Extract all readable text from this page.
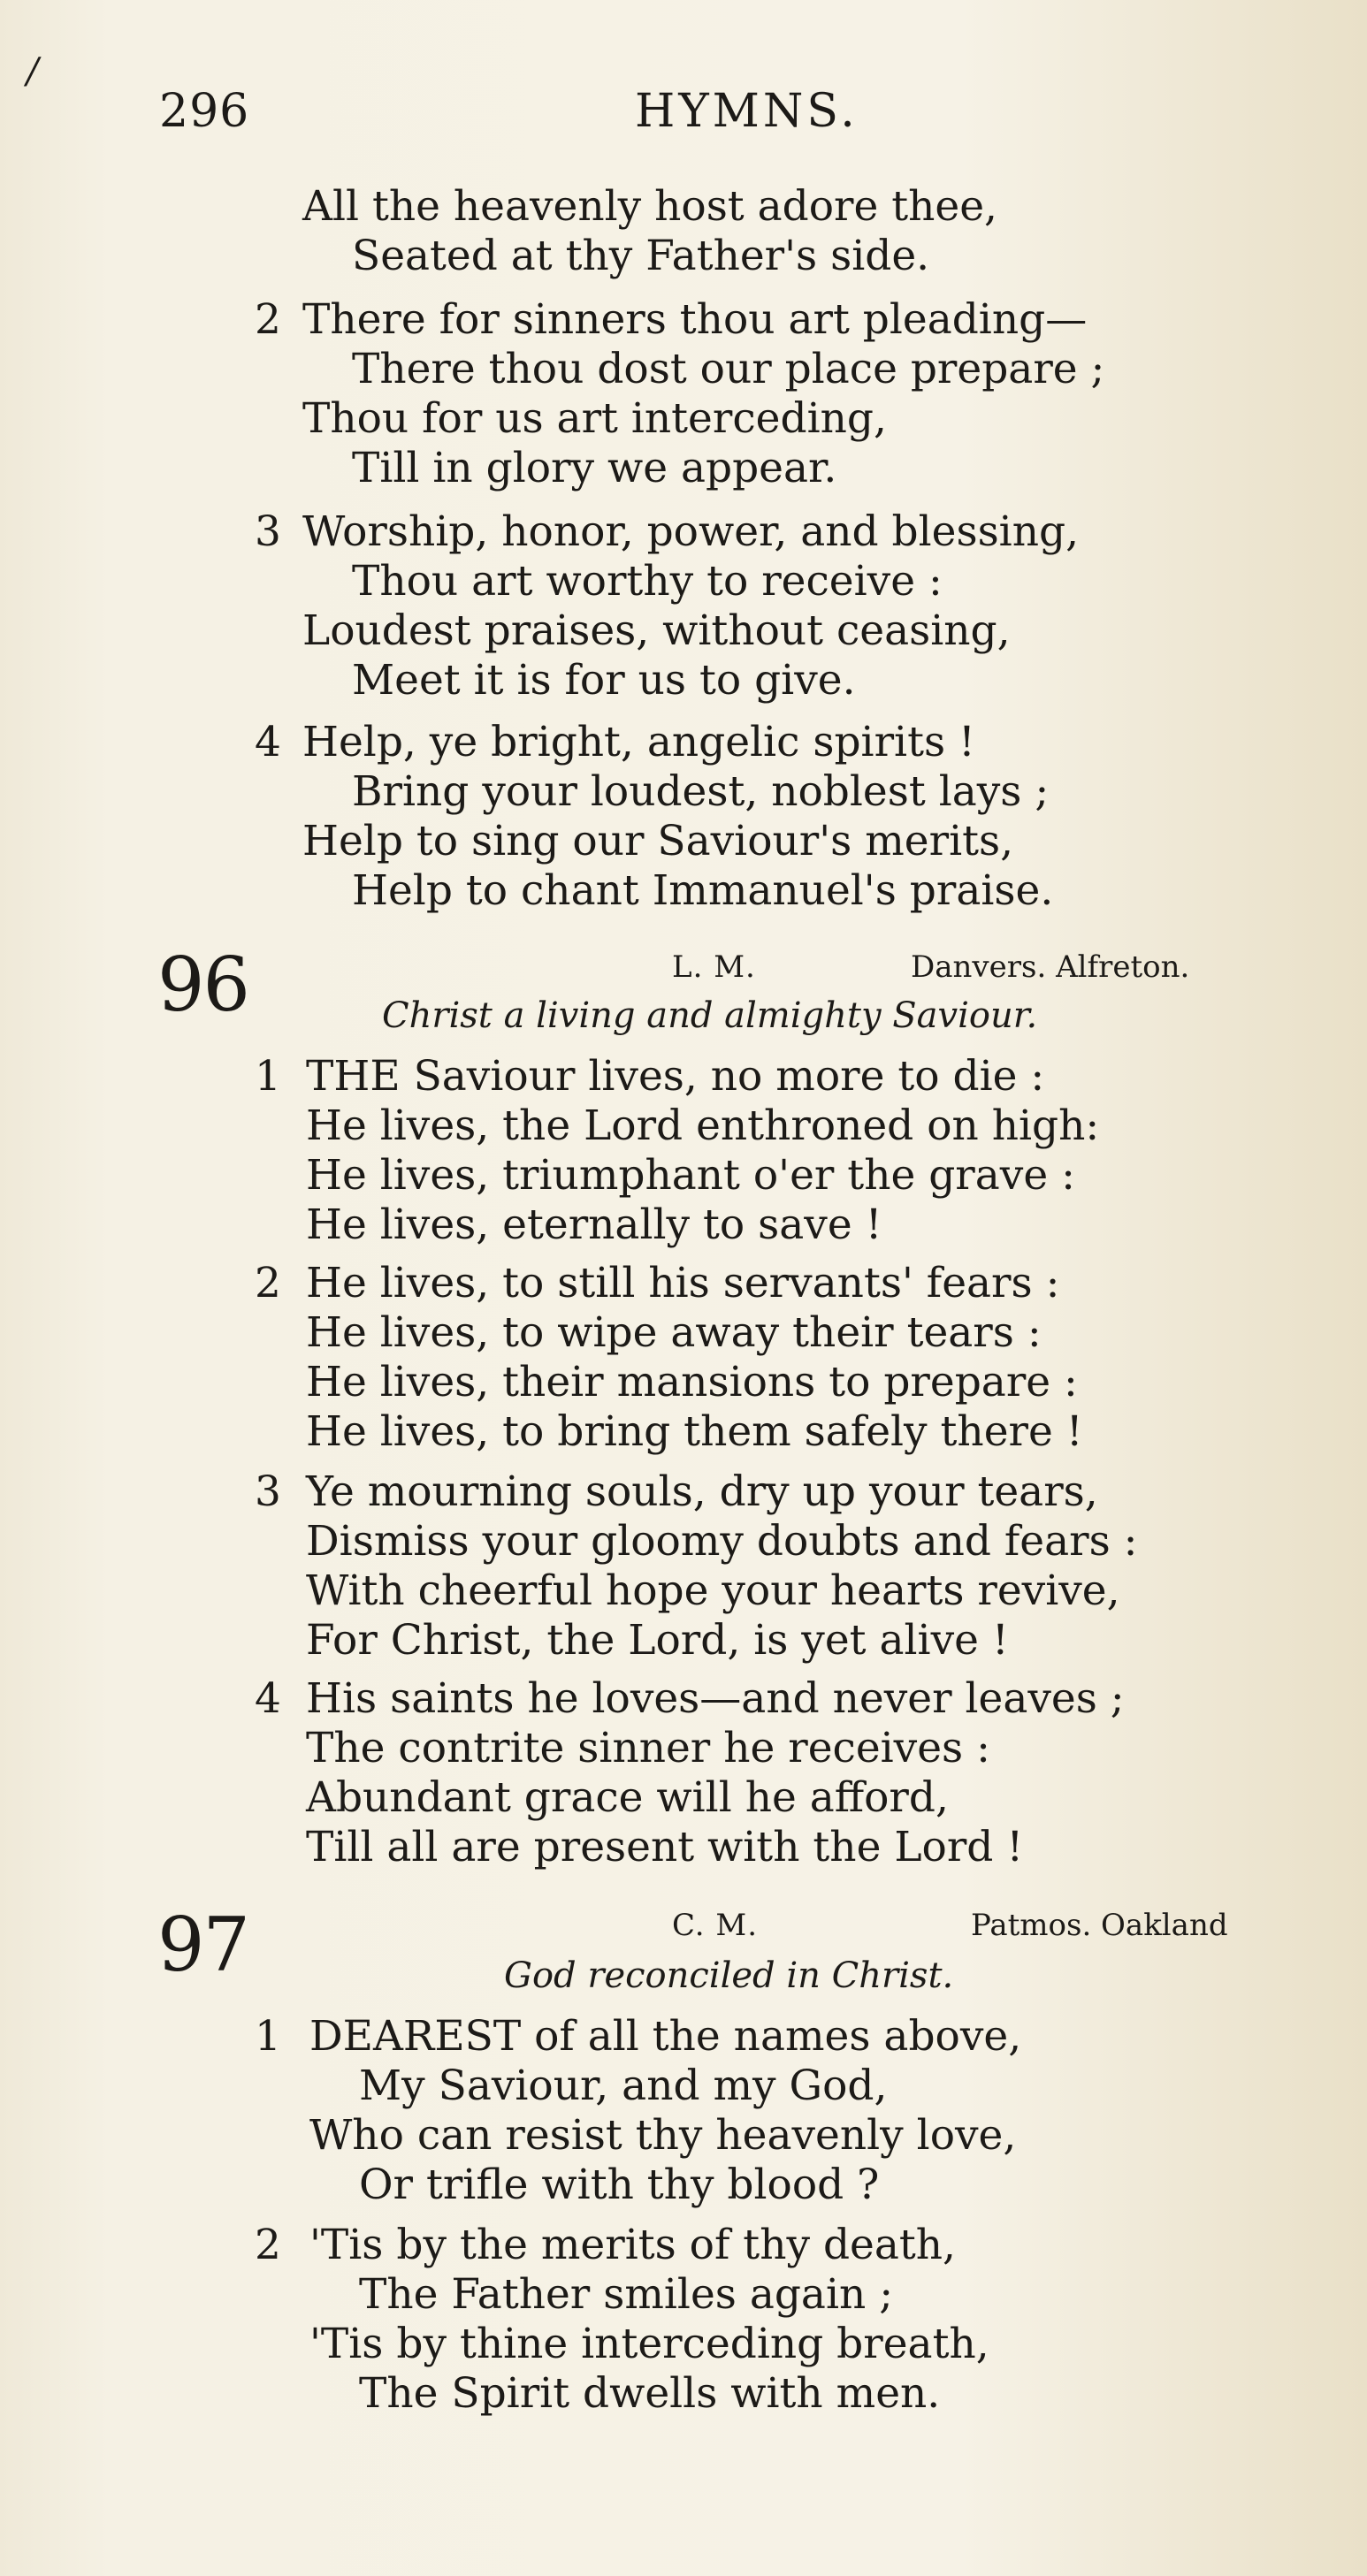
/
296	HYMNS.
All the heavenly host adore thee,
Seated at thy Father's side.
2 There for sinners thou art pleading—
There thou dost our place prepare ;
Thou for us art interceding,
Till in glory we appear.
3 Worship, honor, power, and blessing,
Thou art worthy to receive :
Loudest praises, without ceasing,
Meet it is for us to give.
4 Help, ye bright, angelic spirits !
Bring your loudest, noblest lays ;
Help to sing our Saviour's merits,
Help to chant Immanuel's praise.
96	L. M.	Danvers. Alfreton.
Christ a living and almighty Saviour.
1 THE Saviour lives, no more to die :
He lives, the Lord enthroned on high:
He lives, triumphant o'er the grave :
He lives, eternally to save !
2 He lives, to still his servants' fears :
He lives, to wipe away their tears :
He lives, their mansions to prepare :
He lives, to bring them safely there !
3 Ye mourning souls, dry up your tears,
Dismiss your gloomy doubts and fears :
With cheerful hope your hearts revive,
For Christ, the Lord, is yet alive !
4 His saints he loves—and never leaves ;
The contrite sinner he receives :
Abundant grace will he afford,
Till all are present with the Lord !
97	C. M.	Patmos. Oakland
God reconciled in Christ.
1 DEAREST of all the names above,
My Saviour, and my God,
Who can resist thy heavenly love,
Or trifle with thy blood ?
2 'Tis by the merits of thy death,
The Father smiles again ;
'Tis by thine interceding breath,
The Spirit dwells with men.
